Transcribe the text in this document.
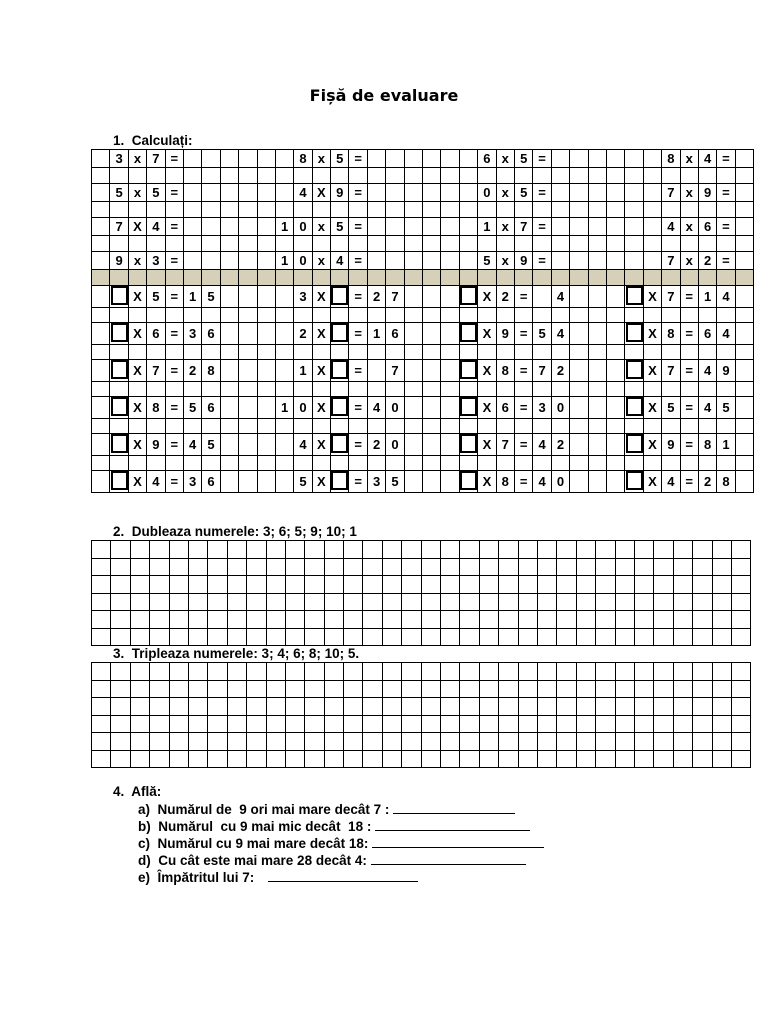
Fișă de evaluare
1.  Calculați:
	3	x	7	=							8	x	5	=							6	x	5	=							8	x	4	=	

	5	x	5	=							4	X	9	=							0	x	5	=							7	x	9	=	

	7	X	4	=						1	0	x	5	=							1	x	7	=							4	x	6	=	

	9	x	3	=						1	0	x	4	=							5	x	9	=							7	x	2	=	

		X	5	=	1	5					3	X		=	2	7					X	2	=		4					X	7	=	1	4	

		X	6	=	3	6					2	X		=	1	6					X	9	=	5	4					X	8	=	6	4	

		X	7	=	2	8					1	X		=		7					X	8	=	7	2					X	7	=	4	9	

		X	8	=	5	6				1	0	X		=	4	0					X	6	=	3	0					X	5	=	4	5	

		X	9	=	4	5					4	X		=	2	0					X	7	=	4	2					X	9	=	8	1	

		X	4	=	3	6					5	X		=	3	5					X	8	=	4	0					X	4	=	2	8	
2.  Dubleaza numerele: 3; 6; 5; 9; 10; 1

3.  Tripleaza numerele: 3; 4; 6; 8; 10; 5.

4.  Află:
a)  Numărul de  9 ori mai mare decât 7 :
b)  Numărul  cu 9 mai mic decât  18 :
c)  Numărul cu 9 mai mare decât 18:
d)  Cu cât este mai mare 28 decât 4:
e)  Împătritul lui 7:
